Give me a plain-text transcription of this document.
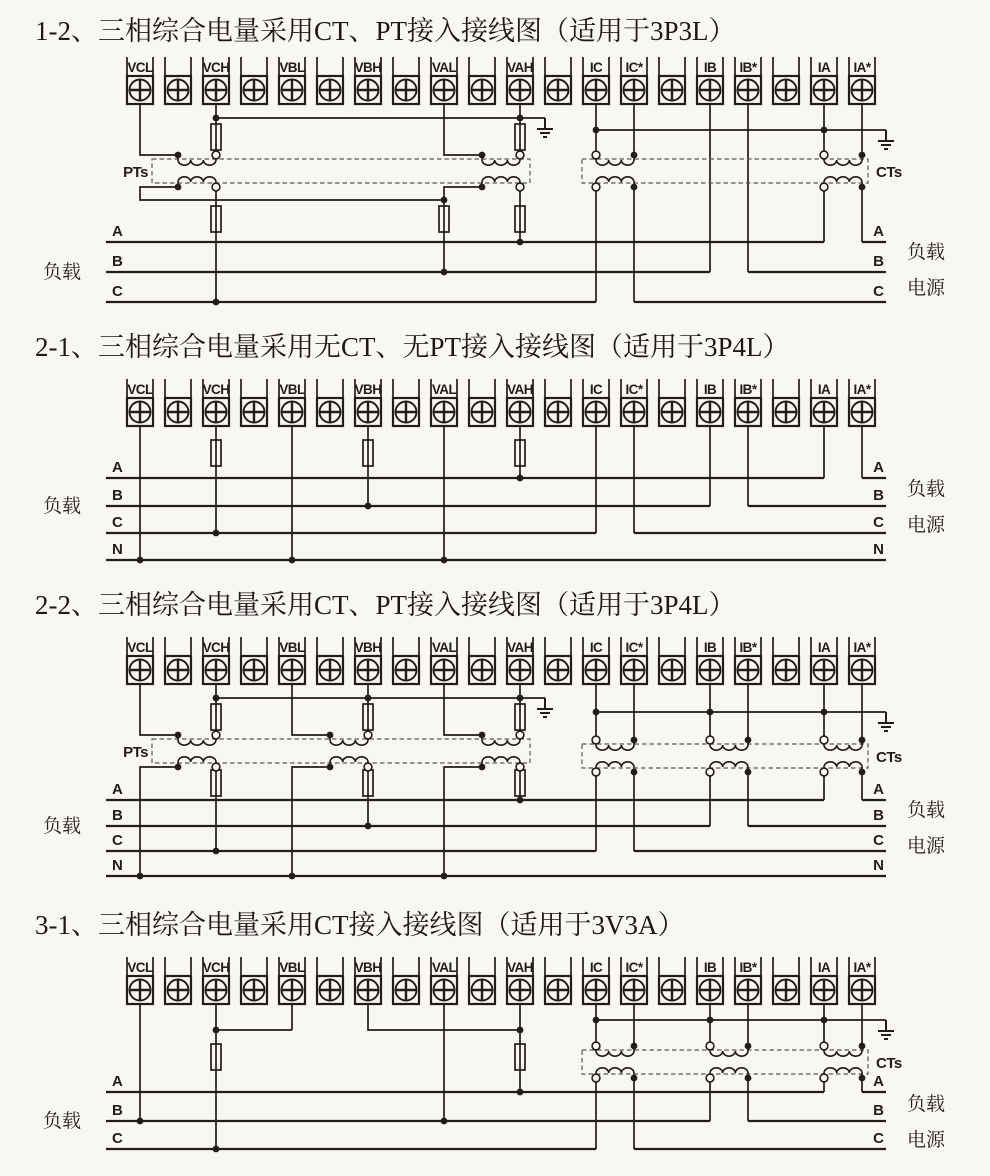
1-2、三相综合电量采用CT、PT接入接线图（适用于3P3L）
VCL	VCH	VBL	VBH	VAL	VAH	IC IC*	IB IB*	IA IA*
PTs	CTs
A
B
C
A
B
C
负载
负载
电源
2-1、三相综合电量采用无CT、无PT接入接线图（适用于3P4L）
VCL	VCH	VBL	VBH	VAL	VAH	IC IC*	IB IB*	IA IA*
A
B
C
N
A
B
C
N
负载
负载
电源
2-2、三相综合电量采用CT、PT接入接线图（适用于3P4L）
VCL	VCH	VBL	VBH	VAL	VAH	IC IC*	IB IB*	IA IA*
PTs	CTs
A
B
C
N
A
B
C
N
负载
负载
电源
3-1、三相综合电量采用CT接入接线图（适用于3V3A）
VCL	VCH	VBL	VBH	VAL	VAH	IC IC*	IB IB*	IA IA*
CTs
A
B
C
A
B
C
负载
负载
电源
